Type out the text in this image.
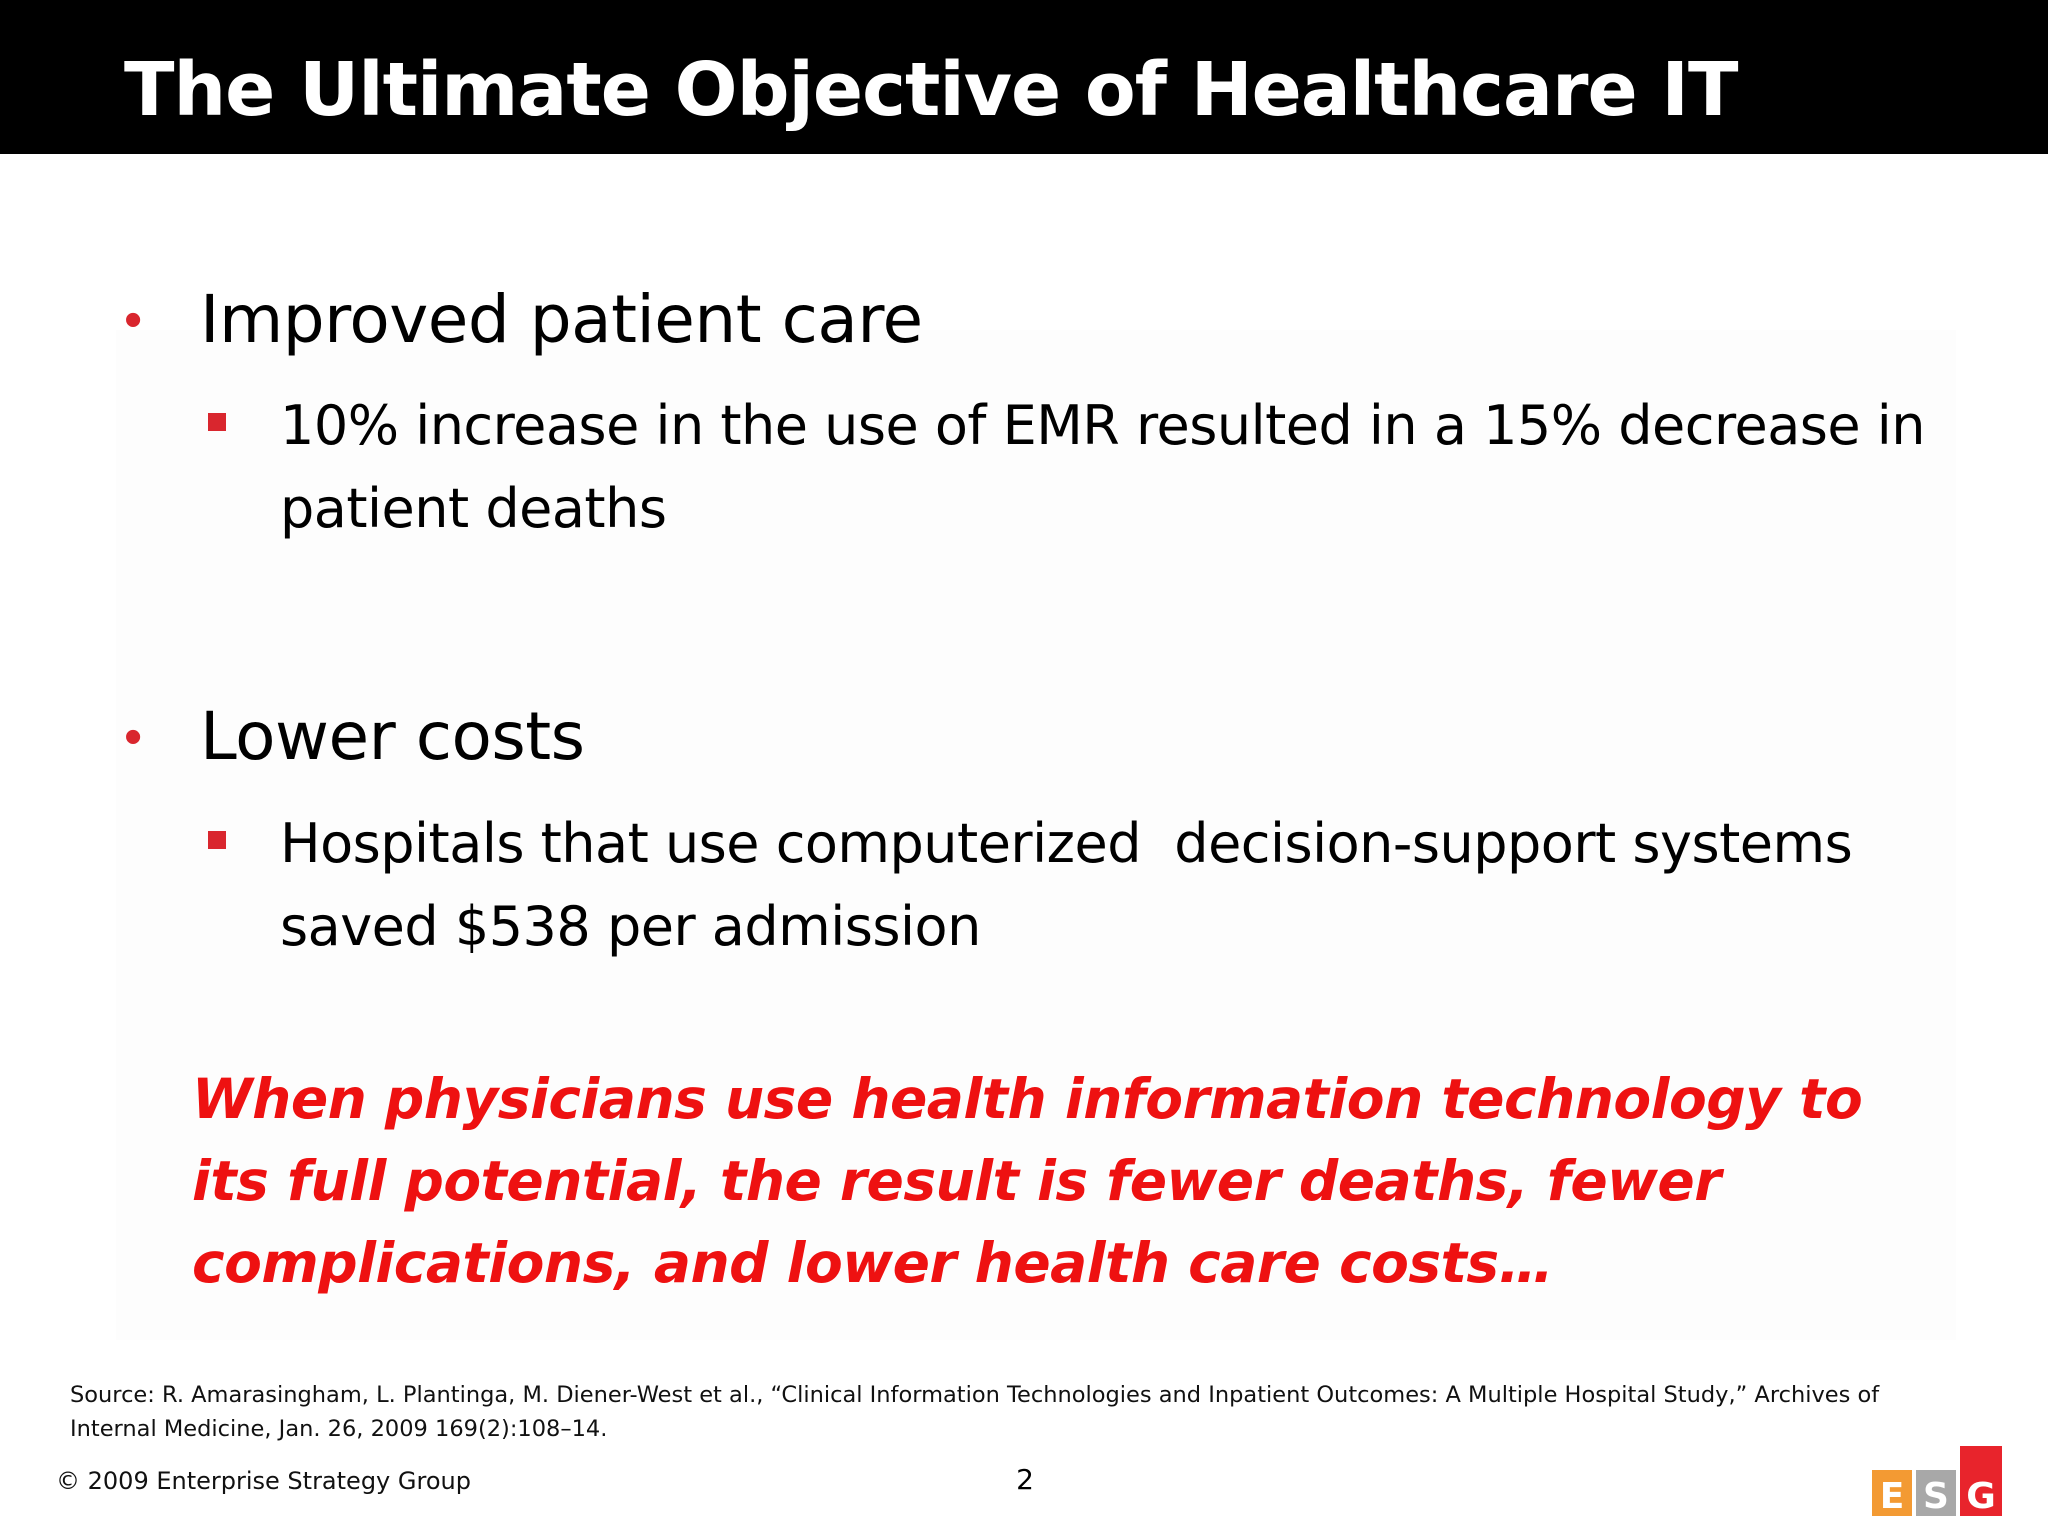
The Ultimate Objective of Healthcare IT
• Improved patient care
10% increase in the use of EMR resulted in a 15% decrease in patient deaths
• Lower costs
Hospitals that use computerized  decision-support systems saved $538 per admission
When physicians use health information technology to its full potential, the result is fewer deaths, fewer complications, and lower health care costs…
Source: R. Amarasingham, L. Plantinga, M. Diener-West et al., “Clinical Information Technologies and Inpatient Outcomes: A Multiple Hospital Study,” Archives of Internal Medicine, Jan. 26, 2009 169(2):108–14.
© 2009 Enterprise Strategy Group	2	E S G
